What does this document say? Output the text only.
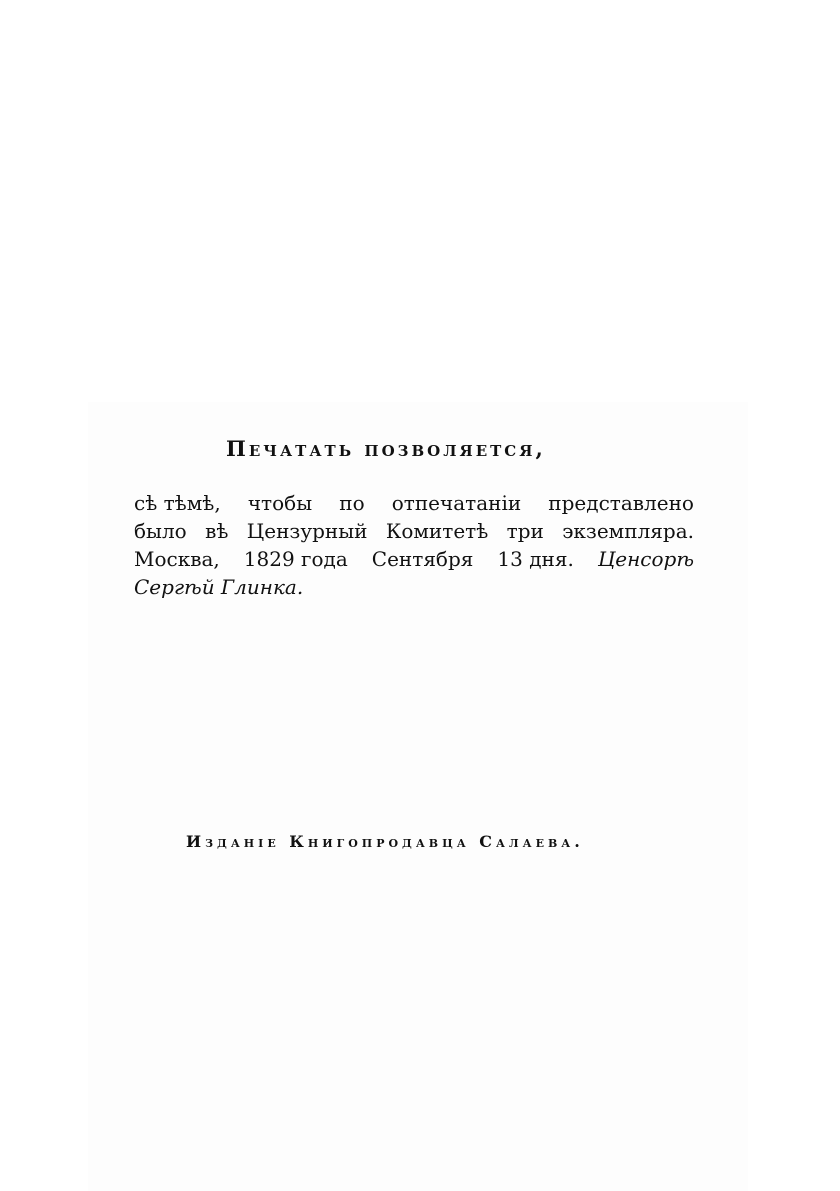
Печатать позволяется,
сѣ тѣмѣ, чтобы по отпечатаніи представлено
было вѣ Цензурный Комитетѣ три экземпляра.
Москва, 1829 года Сентября 13 дня. Ценсорѣ
Сергѣй Глинка.
Изданіе Книгопродавца Салаева.
